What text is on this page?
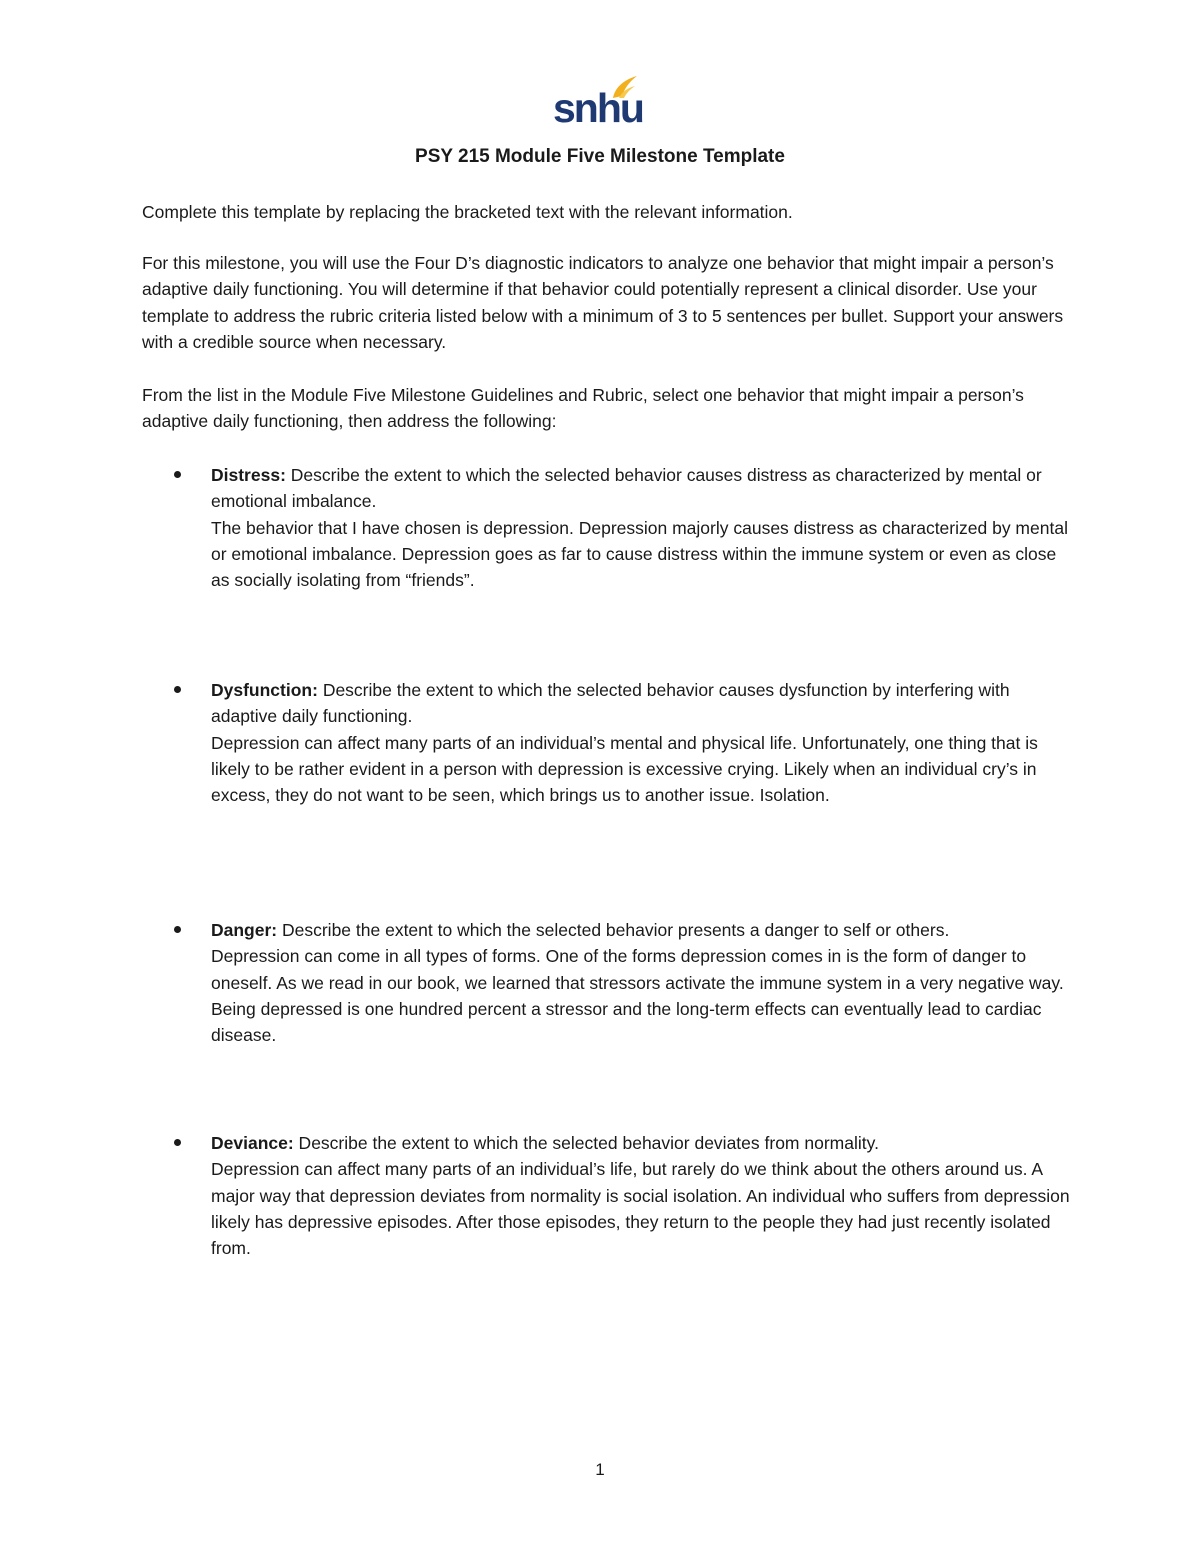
snhu
PSY 215 Module Five Milestone Template

Complete this template by replacing the bracketed text with the relevant information.

For this milestone, you will use the Four D’s diagnostic indicators to analyze one behavior that might impair a person’s adaptive daily functioning. You will determine if that behavior could potentially represent a clinical disorder. Use your template to address the rubric criteria listed below with a minimum of 3 to 5 sentences per bullet. Support your answers with a credible source when necessary.

From the list in the Module Five Milestone Guidelines and Rubric, select one behavior that might impair a person’s adaptive daily functioning, then address the following:

Distress: Describe the extent to which the selected behavior causes distress as characterized by mental or emotional imbalance.
The behavior that I have chosen is depression. Depression majorly causes distress as characterized by mental or emotional imbalance. Depression goes as far to cause distress within the immune system or even as close as socially isolating from “friends”.
Dysfunction: Describe the extent to which the selected behavior causes dysfunction by interfering with adaptive daily functioning.
Depression can affect many parts of an individual’s mental and physical life. Unfortunately, one thing that is likely to be rather evident in a person with depression is excessive crying. Likely when an individual cry’s in excess, they do not want to be seen, which brings us to another issue. Isolation.
Danger: Describe the extent to which the selected behavior presents a danger to self or others.
Depression can come in all types of forms. One of the forms depression comes in is the form of danger to oneself. As we read in our book, we learned that stressors activate the immune system in a very negative way. Being depressed is one hundred percent a stressor and the long-term effects can eventually lead to cardiac disease.
Deviance: Describe the extent to which the selected behavior deviates from normality.
Depression can affect many parts of an individual’s life, but rarely do we think about the others around us. A major way that depression deviates from normality is social isolation. An individual who suffers from depression likely has depressive episodes. After those episodes, they return to the people they had just recently isolated from.
1
